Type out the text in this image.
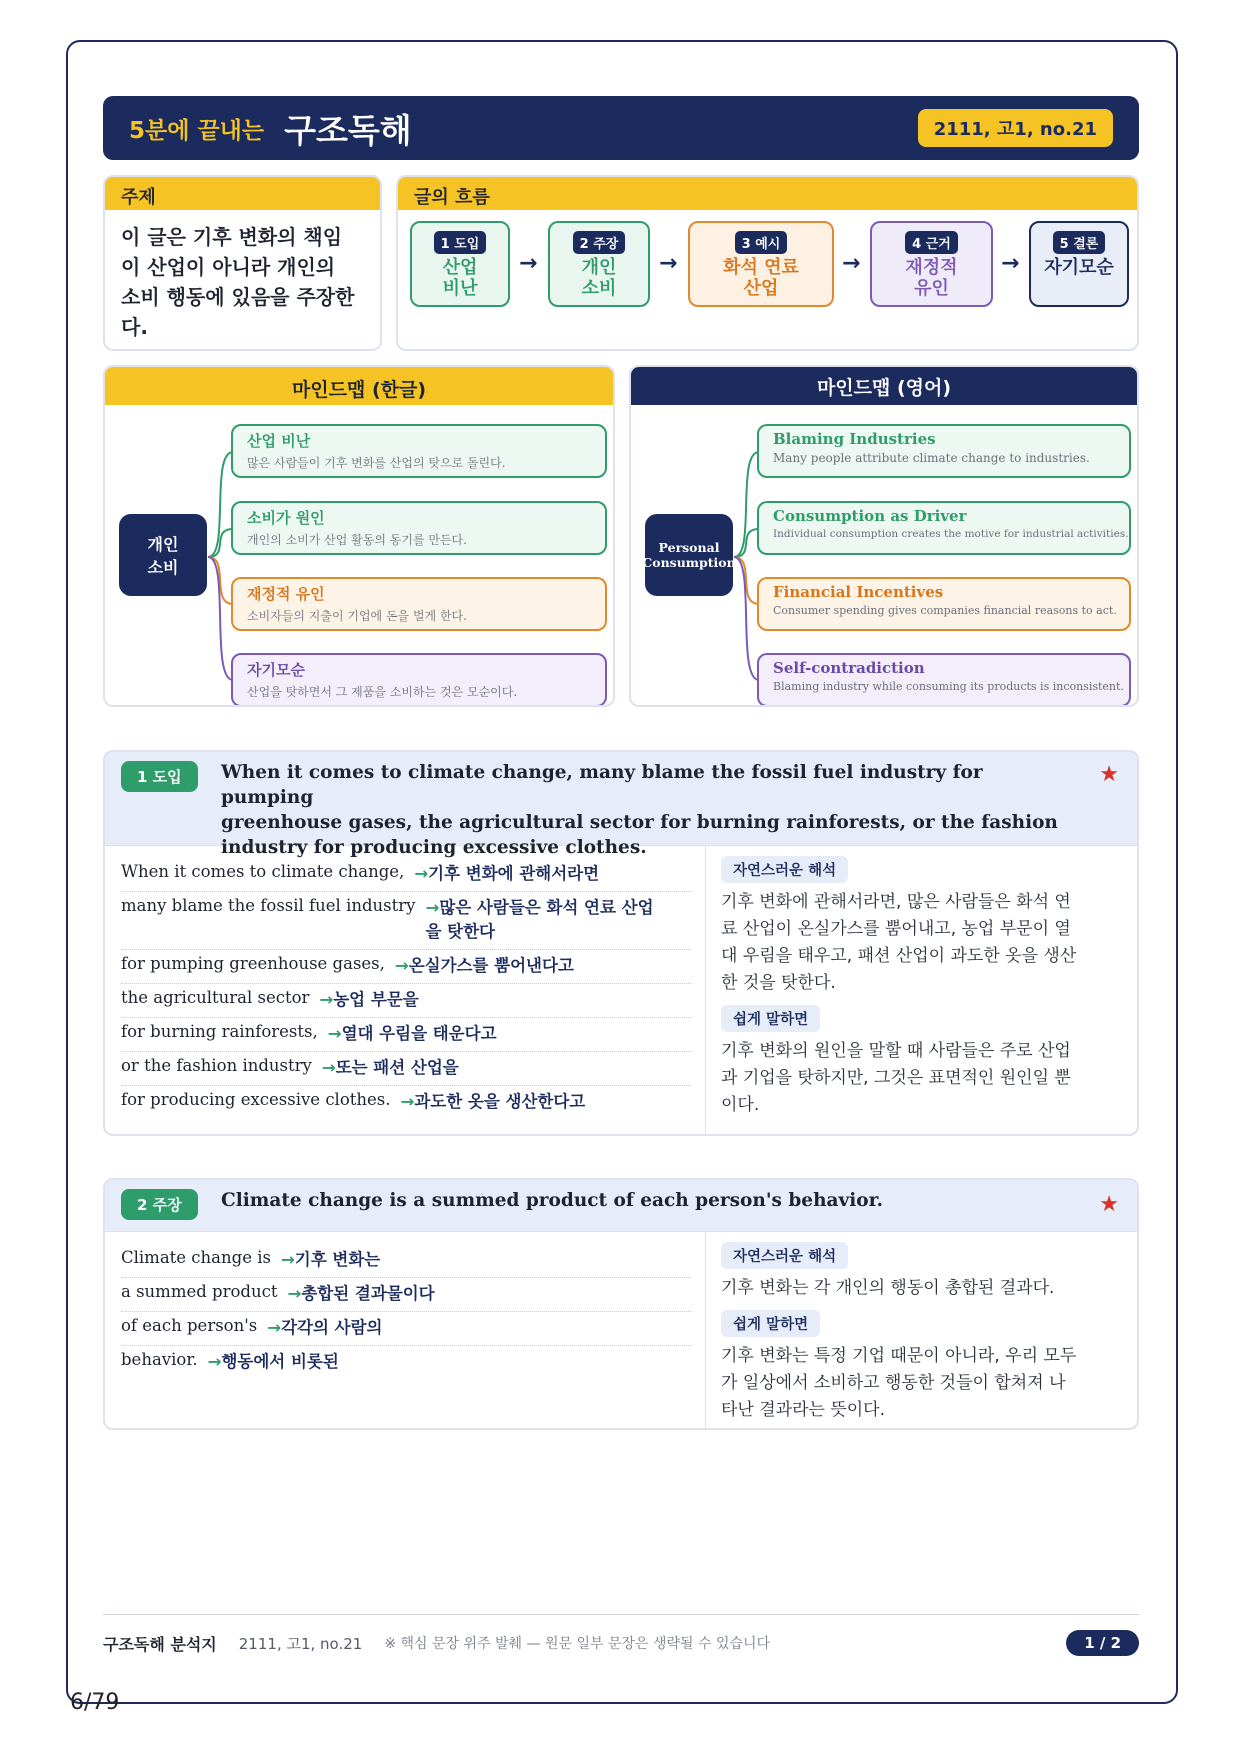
5분에 끝내는 구조독해	2111, 고1, no.21
주제
이 글은 기후 변화의 책임
이 산업이 아니라 개인의
소비 행동에 있음을 주장한
다.
글의 흐름
1 도입
산업
비난
→
2 주장
개인
소비
→
3 예시
화석 연료
산업
→
4 근거
재정적
유인
→
5 결론
자기모순
마인드맵 (한글)
개인
소비
산업 비난
많은 사람들이 기후 변화를 산업의 탓으로 돌린다.
소비가 원인
개인의 소비가 산업 활동의 동기를 만든다.
재정적 유인
소비자들의 지출이 기업에 돈을 벌게 한다.
자기모순
산업을 탓하면서 그 제품을 소비하는 것은 모순이다.
마인드맵 (영어)
Personal
Consumption
Blaming Industries
Many people attribute climate change to industries.
Consumption as Driver
Individual consumption creates the motive for industrial activities.
Financial Incentives
Consumer spending gives companies financial reasons to act.
Self-contradiction
Blaming industry while consuming its products is inconsistent.
1 도입	When it comes to climate change, many blame the fossil fuel industry for pumping
greenhouse gases, the agricultural sector for burning rainforests, or the fashion
industry for producing excessive clothes.
★
When it comes to climate change, →기후 변화에 관해서라면
many blame the fossil fuel industry →많은 사람들은 화석 연료 산업
을 탓한다
for pumping greenhouse gases, →온실가스를 뿜어낸다고
the agricultural sector →농업 부문을
for burning rainforests, →열대 우림을 태운다고
or the fashion industry →또는 패션 산업을
for producing excessive clothes. →과도한 옷을 생산한다고
자연스러운 해석
기후 변화에 관해서라면, 많은 사람들은 화석 연
료 산업이 온실가스를 뿜어내고, 농업 부문이 열
대 우림을 태우고, 패션 산업이 과도한 옷을 생산
한 것을 탓한다.
쉽게 말하면
기후 변화의 원인을 말할 때 사람들은 주로 산업
과 기업을 탓하지만, 그것은 표면적인 원인일 뿐
이다.
2 주장	Climate change is a summed product of each person's behavior.	★
Climate change is →기후 변화는
a summed product →총합된 결과물이다
of each person's →각각의 사람의
behavior. →행동에서 비롯된
자연스러운 해석
기후 변화는 각 개인의 행동이 총합된 결과다.
쉽게 말하면
기후 변화는 특정 기업 때문이 아니라, 우리 모두
가 일상에서 소비하고 행동한 것들이 합쳐져 나
타난 결과라는 뜻이다.
구조독해 분석지 2111, 고1, no.21 ※ 핵심 문장 위주 발췌 — 원문 일부 문장은 생략될 수 있습니다	1 / 2
6/79
